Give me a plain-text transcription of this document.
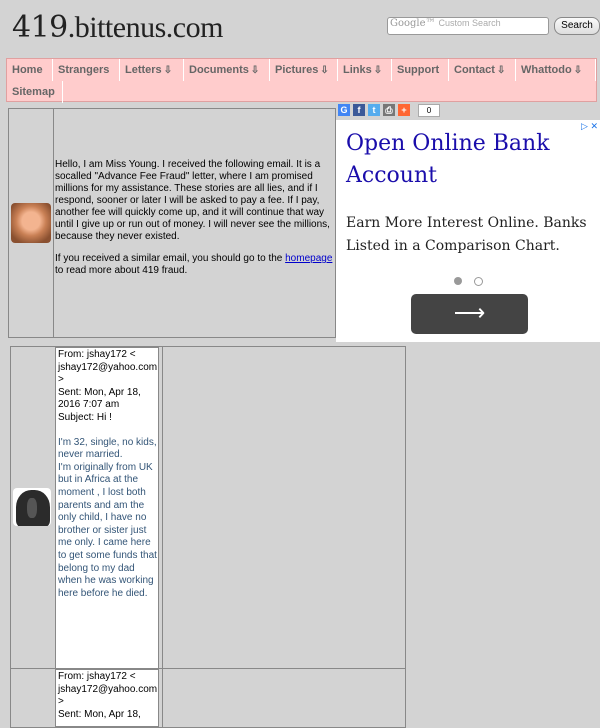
419.bittenus.com	Google™ Custom Search	Search
Home	Strangers	Letters ⇩	Documents ⇩	Pictures ⇩	Links ⇩	Support	Contact ⇩	Whattodo ⇩
Sitemap

Hello, I am Miss Young. I received the following email. It is a socalled "Advance Fee Fraud" letter, where I am promised millions for my assistance. These stories are all lies, and if I respond, sooner or later I will be asked to pay a fee. If I pay, another fee will quickly come up, and it will continue that way until I give up or run out of money. I will never see the millions, because they never existed.

If you received a similar email, you should go to the homepage to read more about 419 fraud.

G	f	t	⎙ +	0
▷ ✕
Open Online Bank Account
Earn More Interest Online. Banks Listed in a Comparison Chart.
⟶
From: jshay172 < jshay172@yahoo.com >
Sent: Mon, Apr 18, 2016 7:07 am
Subject: Hi !
I'm 32, single, no kids, never married.
I'm originally from UK but in Africa at the moment , I lost both parents and am the only child, I have no brother or sister just me only. I came here to get some funds that belong to my dad when he was working here before he died.
From: jshay172 < jshay172@yahoo.com >
Sent: Mon, Apr 18,
